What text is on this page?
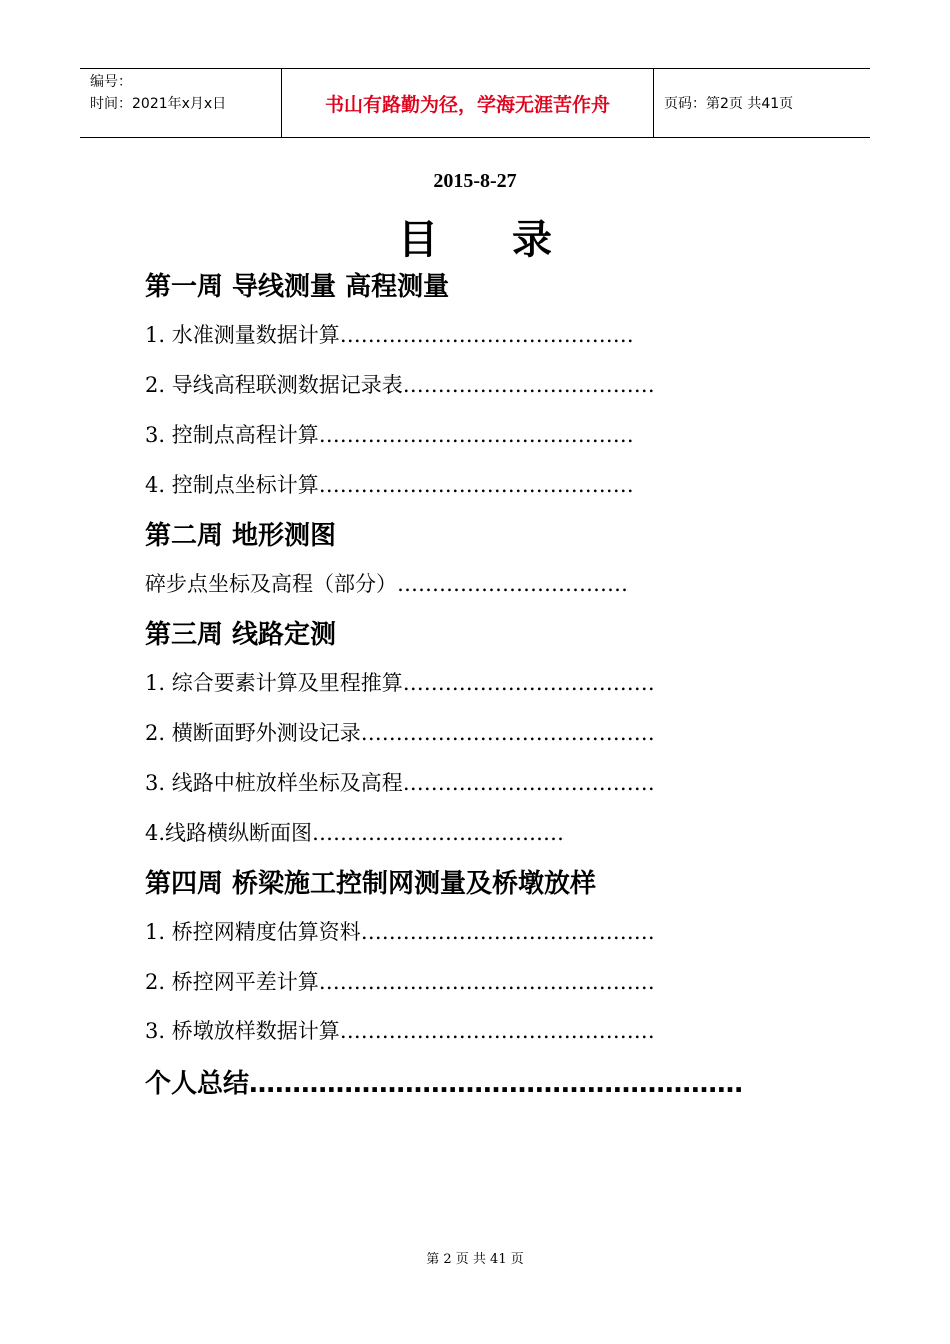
编号：
时间：2021年x月x日	书山有路勤为径，学海无涯苦作舟	页码：第2页 共41页
2015-8-27
目 录
第一周 导线测量 高程测量
1. 水准测量数据计算……………………………………
2. 导线高程联测数据记录表………………………………
3. 控制点高程计算………………………………………
4. 控制点坐标计算………………………………………
第二周 地形测图
碎步点坐标及高程（部分）……………………………
第三周 线路定测
1. 综合要素计算及里程推算………………………………
2. 横断面野外测设记录……………………………………
3. 线路中桩放样坐标及高程………………………………
4.线路横纵断面图………………………………
第四周 桥梁施工控制网测量及桥墩放样
1. 桥控网精度估算资料……………………………………
2. 桥控网平差计算…………………………………………
3. 桥墩放样数据计算………………………………………
个人总结…………………………………………………
第 2 页 共 41 页
